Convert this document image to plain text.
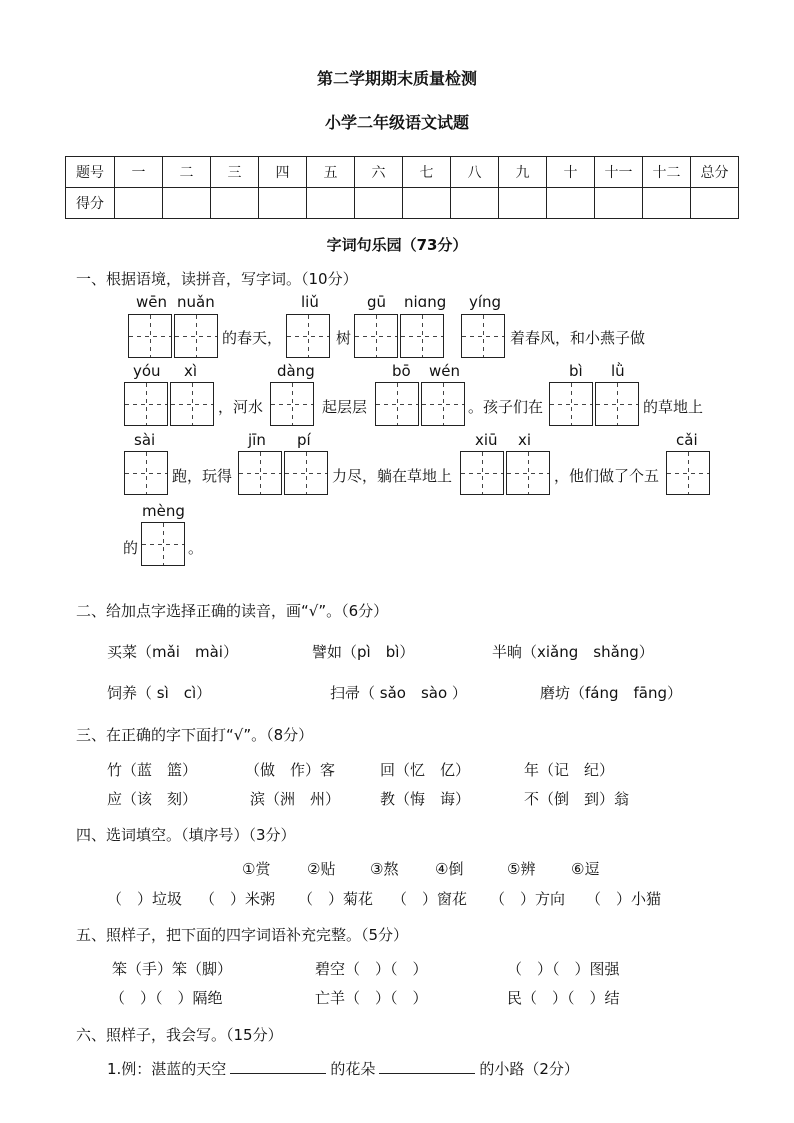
第二学期期末质量检测
小学二年级语文试题
题号	一	二	三	四	五	六	七	八	九	十	十一	十二	总分
得分													
字词句乐园（73分）
一、根据语境，读拼音，写字词。（10分）
wēn nuǎn
的春天，
liǔ
树
gū niɑng yíng
着春风，和小燕子做
yóu xì
，河水
dàng
起层层
bō wén
。孩子们在
bì lǜ
的草地上
sài
跑，玩得
jīn pí
力尽，躺在草地上
xiū xi
，他们做了个五
cǎi
mèng
的	。
二、给加点字选择正确的读音，画“√”。（6分）
买菜（mǎi　mài）	譬如（pì　bì）	半晌（xiǎng　shǎng）
饲养（ sì　cì）	扫帚（ sǎo　sào ）	磨坊（fáng　fāng）
三、在正确的字下面打“√”。（8分）
竹（蓝　篮）	（做　作）客	回（忆　亿）	年（记　纪）
应（该　刻）	滨（洲　州）	教（悔　诲）	不（倒　到）翁
四、选词填空。（填序号）（3分）
①赏 ②贴 ③熬 ④倒	⑤辨 ⑥逗
（　）垃圾 （　）米粥 （　）菊花 （　）窗花 （　）方向 （　）小猫
五、照样子，把下面的四字词语补充完整。（5分）
笨（手）笨（脚）	碧空（　）（　）	（　）（　）图强
（　）（　）隔绝	亡羊（　）（　）	民（　）（　）结
六、照样子，我会写。（15分）
1.例：湛蓝的天空	的花朵	的小路（2分）
